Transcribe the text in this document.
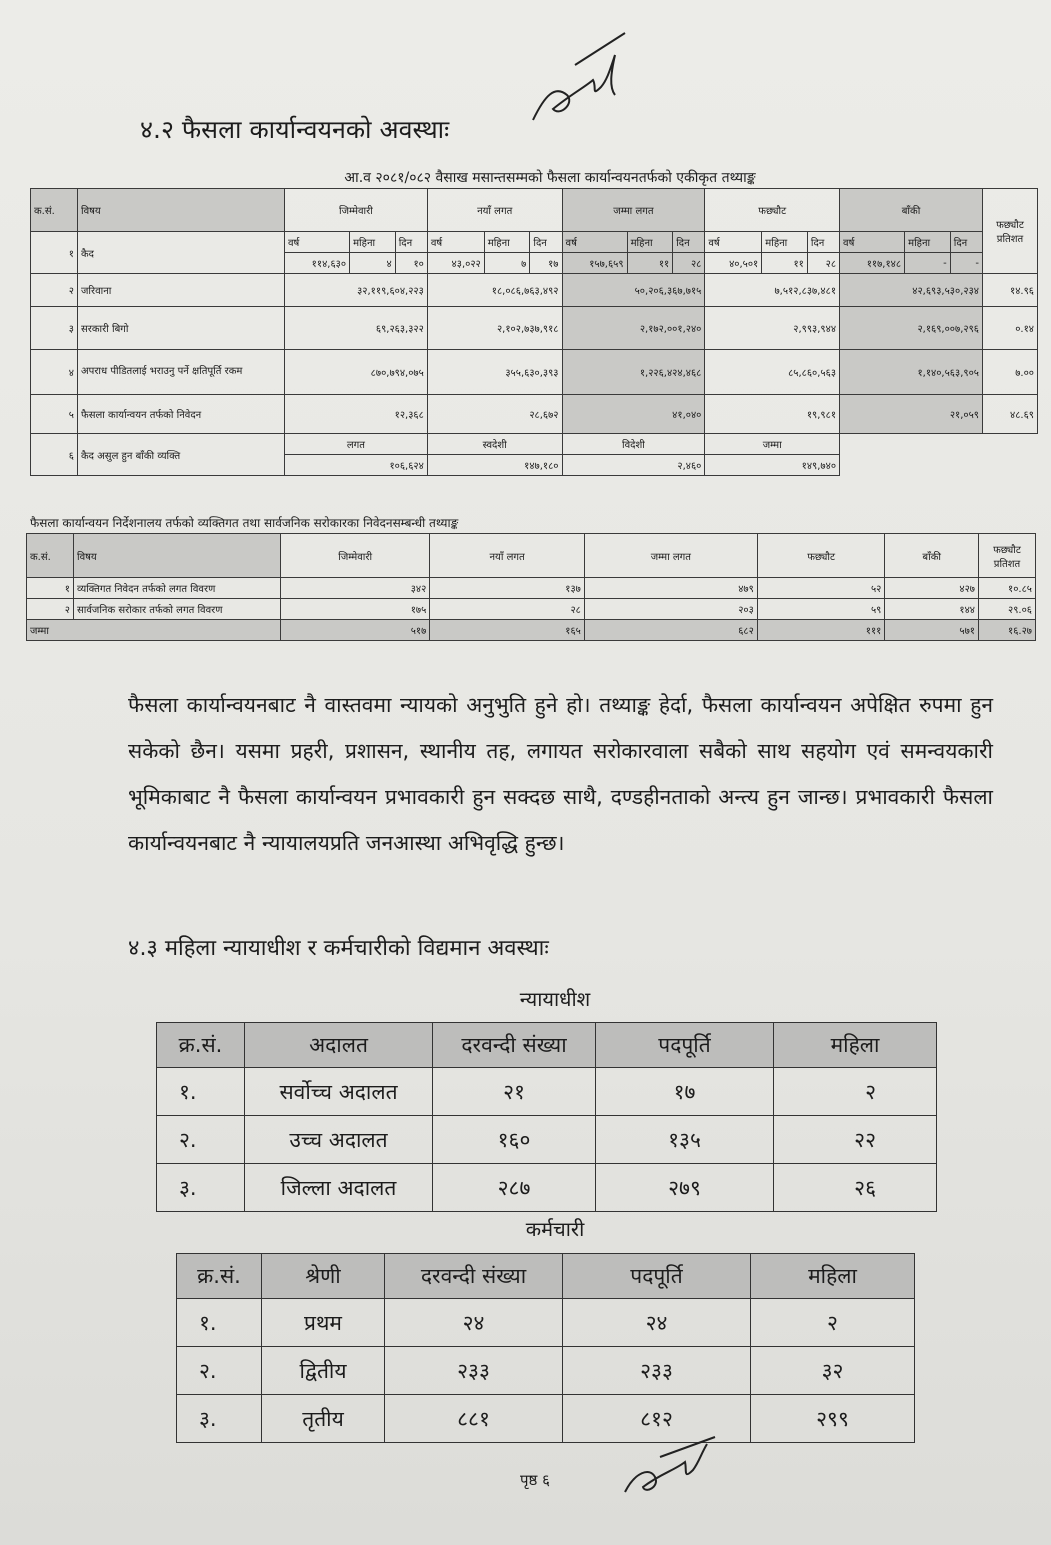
४.२ फैसला कार्यान्वयनको अवस्थाः
आ.व २०८१/०८२ वैसाख मसान्तसम्मको फैसला कार्यान्वयनतर्फको एकीकृत तथ्याङ्क
क.सं.	विषय	जिम्मेवारी			नयाँ लगत			जम्मा लगत			फछ्यौट			बाँकी			फछ्यौट प्रतिशत
१	कैद	वर्ष	महिना	दिन	वर्ष	महिना	दिन	वर्ष	महिना	दिन	वर्ष	महिना	दिन	वर्ष	महिना	दिन	
		११४,६३०	४	१०	४३,०२२	७	१७	१५७,६५९	११	२८	४०,५०१	११	२८	११७,१४८	-	-	
२	जरिवाना	३२,११९,६०४,२२३			१८,०८६,७६३,४९२			५०,२०६,३६७,७१५			७,५१२,८३७,४८१			४२,६९३,५३०,२३४			१४.९६
३	सरकारी बिगो	६९,२६३,३२२			२,१०२,७३७,९१८			२,१७२,००१,२४०			२,९९३,९४४			२,१६९,००७,२९६			०.१४
४	अपराध पीडितलाई भराउनु पर्ने क्षतिपूर्ति रकम	८७०,७९४,०७५			३५५,६३०,३९३			१,२२६,४२४,४६८			८५,८६०,५६३			१,१४०,५६३,९०५			७.००
५	फैसला कार्यान्वयन तर्फको निवेदन	१२,३६८			२८,६७२			४१,०४०			१९,९८१			२१,०५९			४८.६९
६	कैद असुल हुन बाँकी व्यक्ति	लगत			स्वदेशी			विदेशी			जम्मा						
		१०६,६२४			१४७,१८०			२,४६०			१४९,७४०						
फैसला कार्यान्वयन निर्देशनालय तर्फको व्यक्तिगत तथा सार्वजनिक सरोकारका निवेदनसम्बन्धी तथ्याङ्क
क.सं.	विषय	जिम्मेवारी	नयाँ लगत	जम्मा लगत	फछ्यौट	बाँकी	फछ्यौट प्रतिशत
१	व्यक्तिगत निवेदन तर्फको लगत विवरण	३४२	१३७	४७९	५२	४२७	१०.८५
२	सार्वजनिक सरोकार तर्फको लगत विवरण	१७५	२८	२०३	५९	१४४	२९.०६
जम्मा		५१७	१६५	६८२	१११	५७१	१६.२७
फैसला कार्यान्वयनबाट नै वास्तवमा न्यायको अनुभुति हुने हो। तथ्याङ्क हेर्दा, फैसला कार्यान्वयन अपेक्षित रुपमा हुन सकेको छैन। यसमा प्रहरी, प्रशासन, स्थानीय तह, लगायत सरोकारवाला सबैको साथ सहयोग एवं समन्वयकारी भूमिकाबाट नै फैसला कार्यान्वयन प्रभावकारी हुन सक्दछ साथै, दण्डहीनताको अन्त्य हुन जान्छ। प्रभावकारी फैसला कार्यान्वयनबाट नै न्यायालयप्रति जनआस्था अभिवृद्धि हुन्छ।
४.३ महिला न्यायाधीश र कर्मचारीको विद्यमान अवस्थाः
न्यायाधीश
क्र.सं.	अदालत	दरवन्दी संख्या	पदपूर्ति	महिला
१.	सर्वोच्च अदालत	२१	१७	२
२.	उच्च अदालत	१६०	१३५	२२
३.	जिल्ला अदालत	२८७	२७९	२६
कर्मचारी
क्र.सं.	श्रेणी	दरवन्दी संख्या	पदपूर्ति	महिला
१.	प्रथम	२४	२४	२
२.	द्वितीय	२३३	२३३	३२
३.	तृतीय	८८१	८१२	२९९
पृष्ठ ६
